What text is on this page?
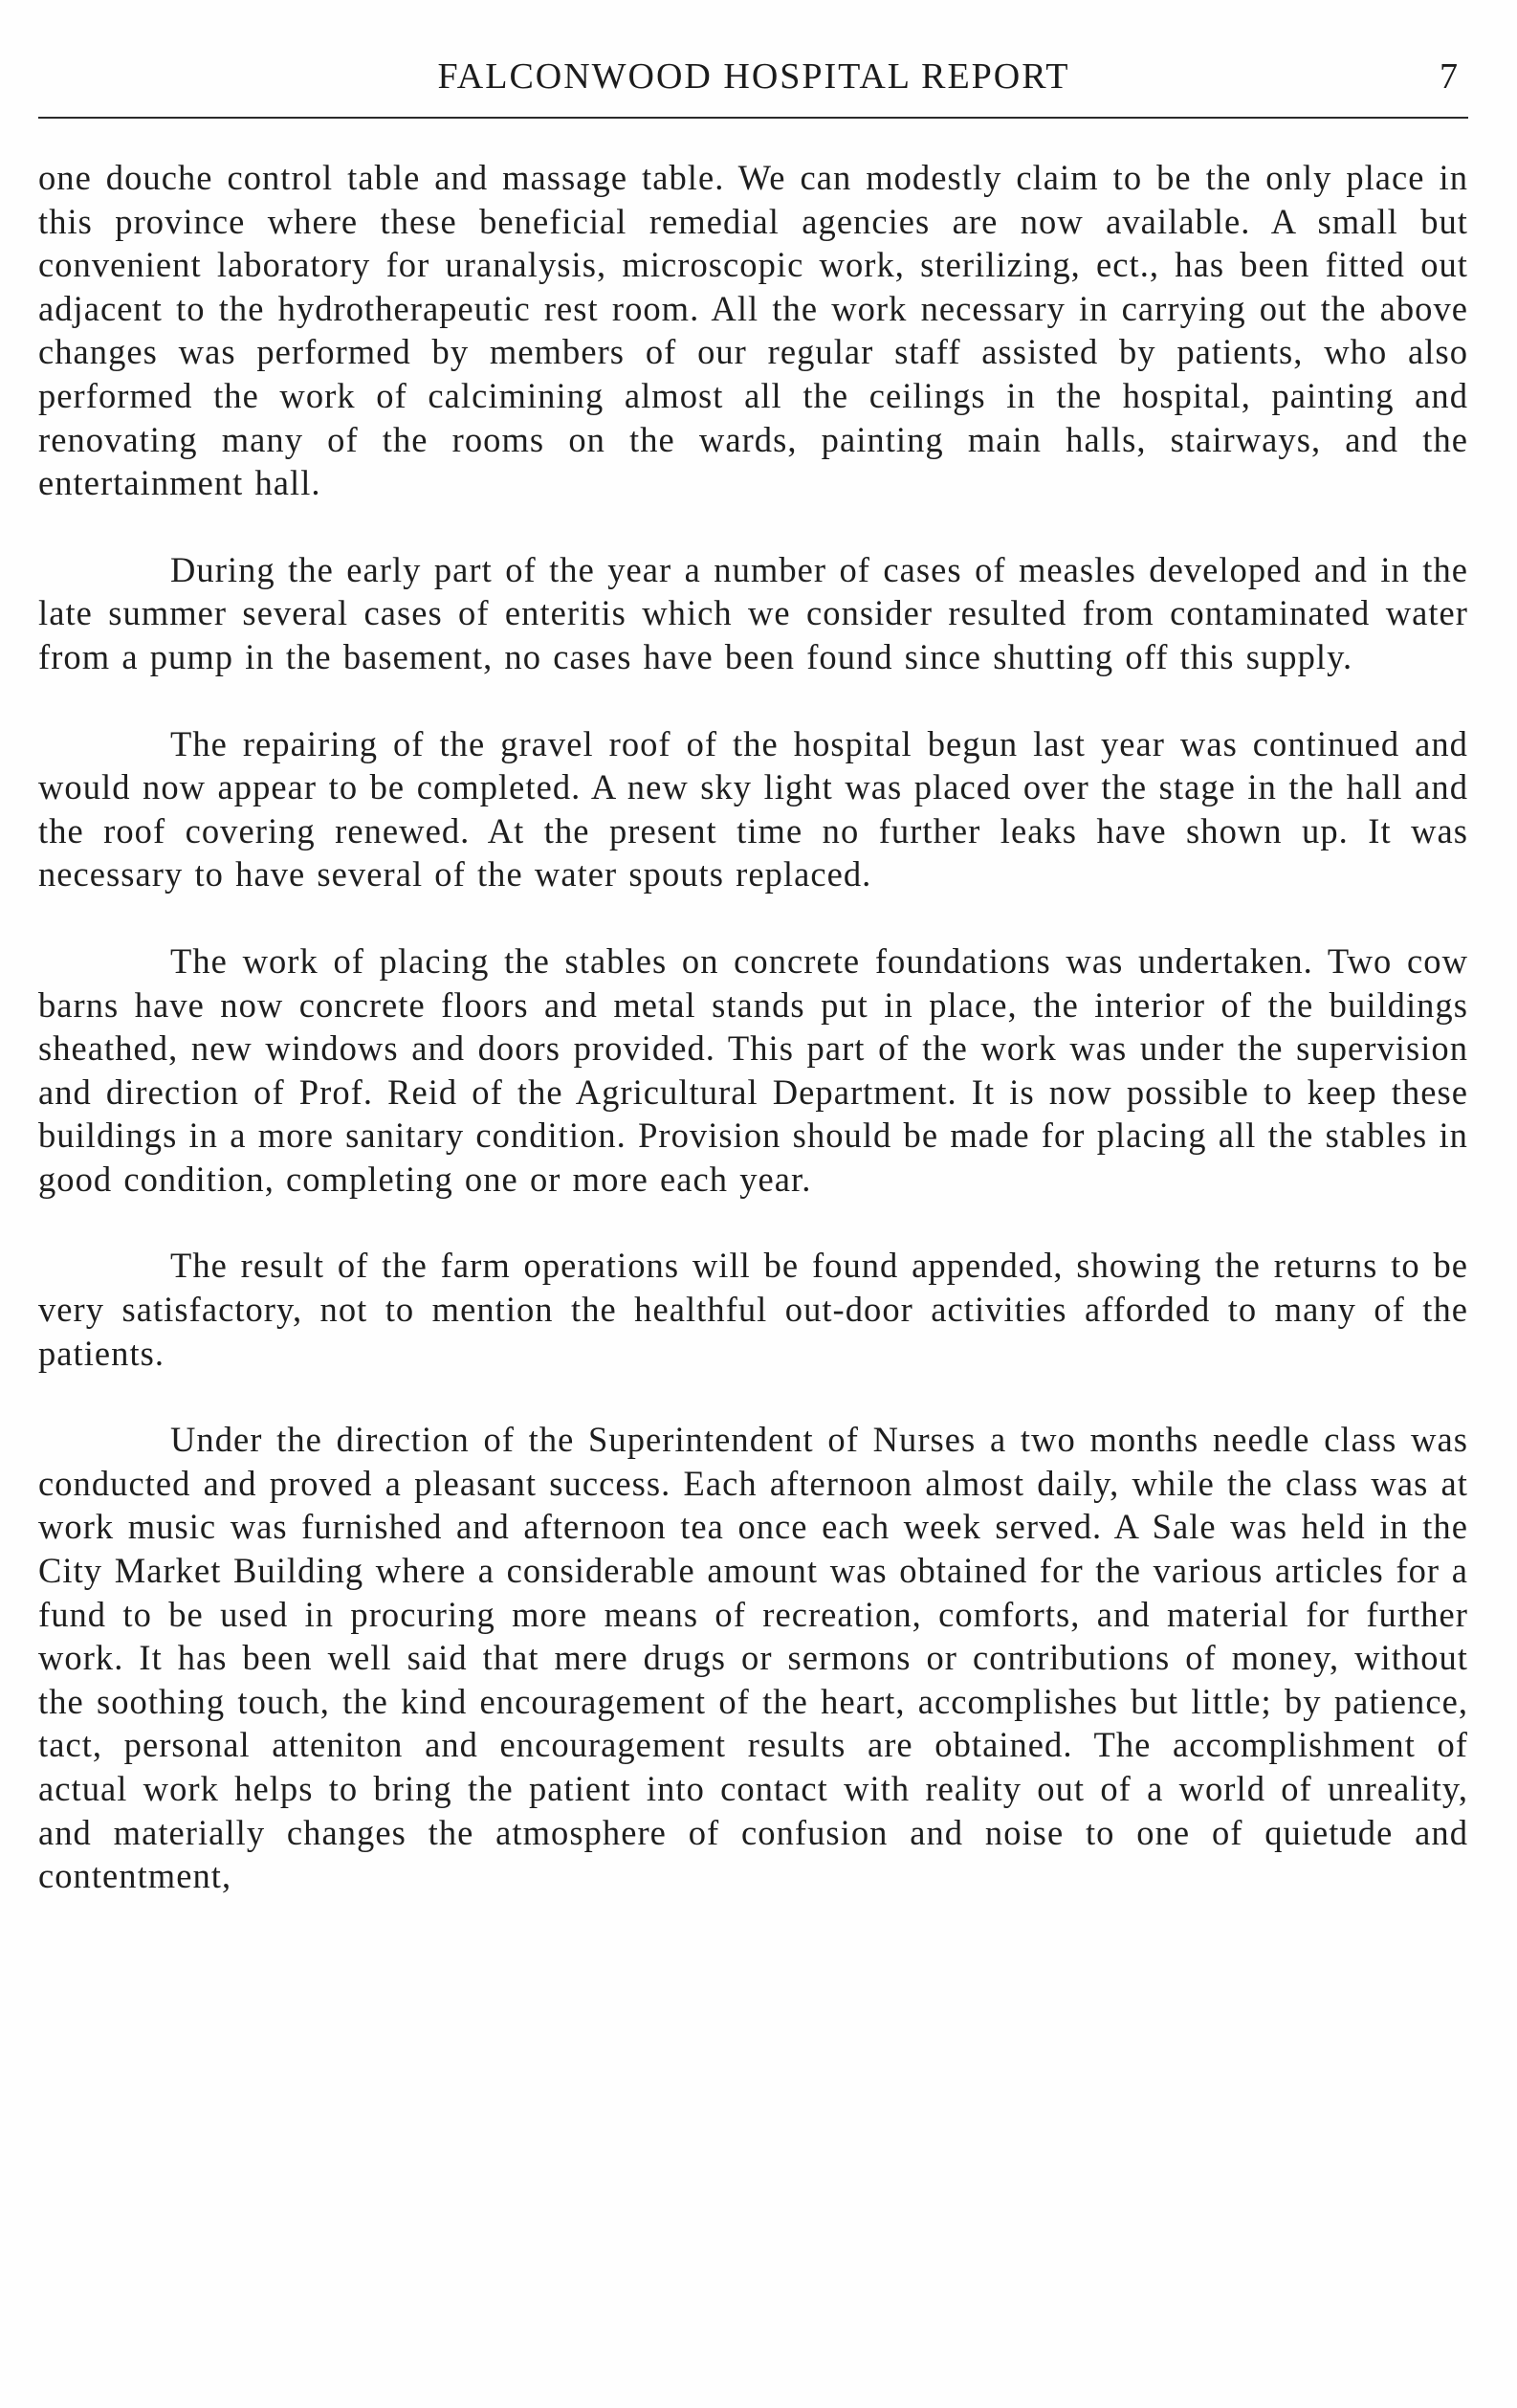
FALCONWOOD HOSPITAL REPORT	7

one douche control table and massage table. We can modestly claim to be the only place in this province where these beneficial remedial agencies are now available. A small but convenient laboratory for uranalysis, microscopic work, sterilizing, ect., has been fitted out adjacent to the hydrotherapeutic rest room. All the work necessary in carrying out the above changes was performed by members of our regular staff assisted by patients, who also performed the work of calcimining almost all the ceilings in the hospital, painting and renovating many of the rooms on the wards, painting main halls, stairways, and the entertainment hall.

During the early part of the year a number of cases of measles developed and in the late summer several cases of enteritis which we consider resulted from contaminated water from a pump in the basement, no cases have been found since shutting off this supply.

The repairing of the gravel roof of the hospital begun last year was continued and would now appear to be completed. A new sky light was placed over the stage in the hall and the roof covering renewed. At the present time no further leaks have shown up. It was necessary to have several of the water spouts replaced.

The work of placing the stables on concrete foundations was undertaken. Two cow barns have now concrete floors and metal stands put in place, the interior of the buildings sheathed, new windows and doors provided. This part of the work was under the supervision and direction of Prof. Reid of the Agricultural Department. It is now possible to keep these buildings in a more sanitary condition. Provision should be made for placing all the stables in good condition, completing one or more each year.

The result of the farm operations will be found appended, showing the returns to be very satisfactory, not to mention the healthful out-door activities afforded to many of the patients.

Under the direction of the Superintendent of Nurses a two months needle class was conducted and proved a pleasant success. Each afternoon almost daily, while the class was at work music was furnished and afternoon tea once each week served. A Sale was held in the City Market Building where a considerable amount was obtained for the various articles for a fund to be used in procuring more means of recreation, comforts, and material for further work. It has been well said that mere drugs or sermons or contributions of money, without the soothing touch, the kind encouragement of the heart, accomplishes but little; by patience, tact, personal atteniton and encouragement results are obtained. The accomplishment of actual work helps to bring the patient into contact with reality out of a world of unreality, and materially changes the atmosphere of confusion and noise to one of quietude and contentment,
